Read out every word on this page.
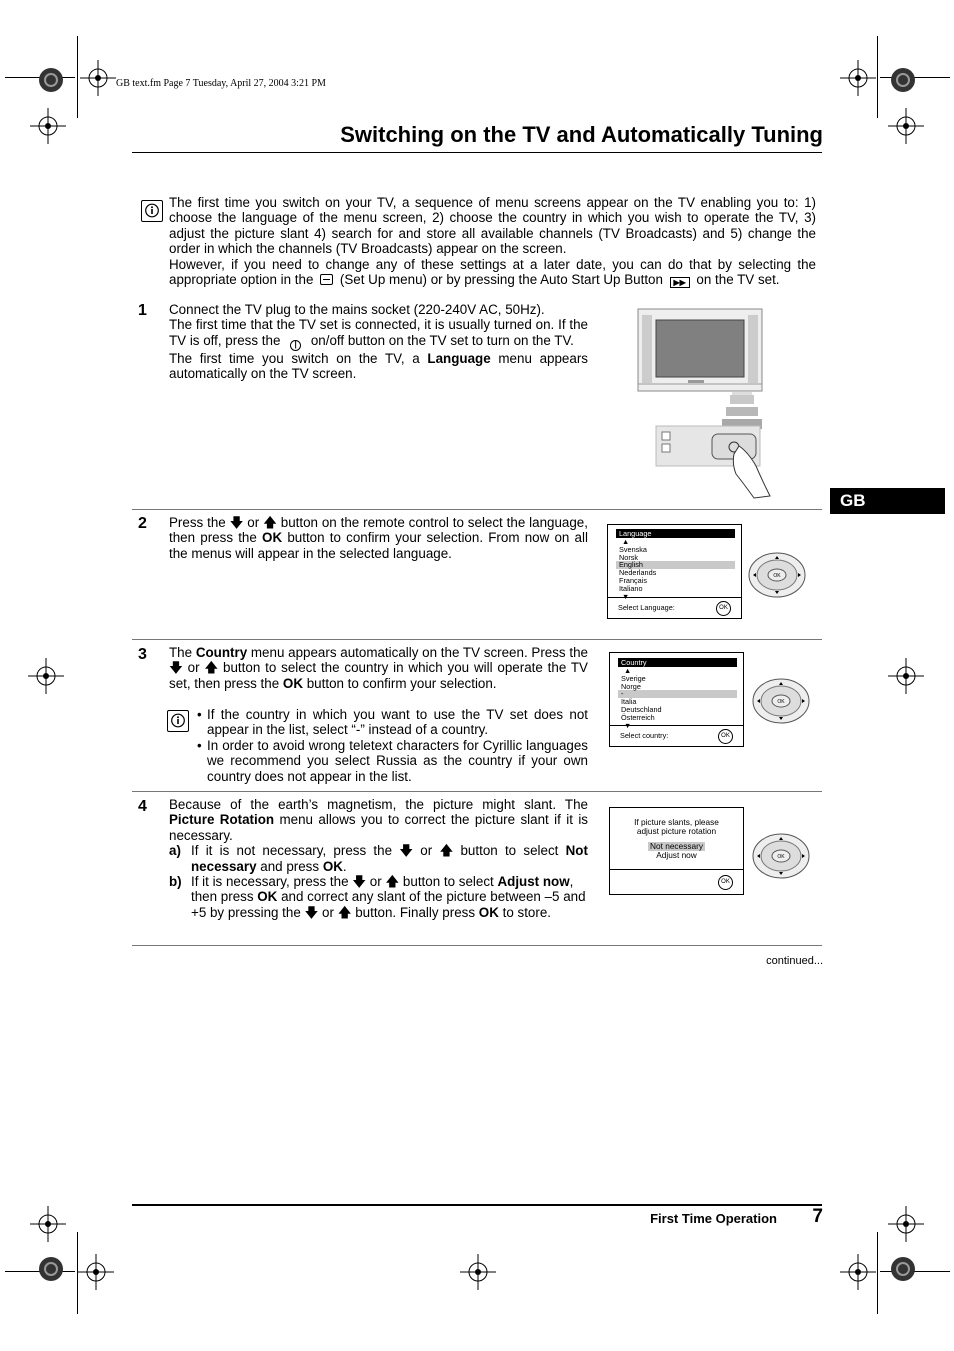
GB text.fm Page 7 Tuesday, April 27, 2004 3:21 PM
Switching on the TV and Automatically Tuning
GB

The first time you switch on your TV, a sequence of menu screens appear on the TV enabling you to: 1) choose the language of the menu screen, 2) choose the country in which you wish to operate the TV, 3) adjust the picture slant 4) search for and store all available channels (TV Broadcasts) and 5) change the order in which the channels (TV Broadcasts) appear on the screen.

However, if you need to change any of these settings at a later date, you can do that by selecting the appropriate option in the (Set Up menu) or by pressing the Auto Start Up Button ▶▶ on the TV set.

1 Connect the TV plug to the mains socket (220-240V AC, 50Hz).

The first time that the TV set is connected, it is usually turned on. If the TV is off, press the | on/off button on the TV set to turn on the TV.

The first time you switch on the TV, a Language menu appears automatically on the TV screen.

2 Press the 🡇 or 🡅 button on the remote control to select the language, then press the OK button to confirm your selection. From now on all the menus will appear in the selected language.

Language
▲
Svenska
Norsk
English
Nederlands
Français
Italiano
▼
Select Language:	OK
OK
3 The Country menu appears automatically on the TV screen. Press the 🡇 or 🡅 button to select the country in which you will operate the TV set, then press the OK button to confirm your selection.

• If the country in which you want to use the TV set does not appear in the list, select “-” instead of a country.
• In order to avoid wrong teletext characters for Cyrillic languages we recommend you select Russia as the country if your own country does not appear in the list.
Country
▲
Sverige
Norge
-
Italia
Deutschland
Österreich
▼
Select country:	OK
OK
4 Because of the earth’s magnetism, the picture might slant. The Picture Rotation menu allows you to correct the picture slant if it is necessary.

a) If it is not necessary, press the 🡇 or 🡅 button to select Not necessary and press OK.
b) If it is necessary, press the 🡇 or 🡅 button to select Adjust now, then press OK and correct any slant of the picture between –5 and +5 by pressing the 🡇 or 🡅 button. Finally press OK to store.
If picture slants, please adjust picture rotation
Not necessary
Adjust now
OK
OK
continued...
First Time Operation 7
